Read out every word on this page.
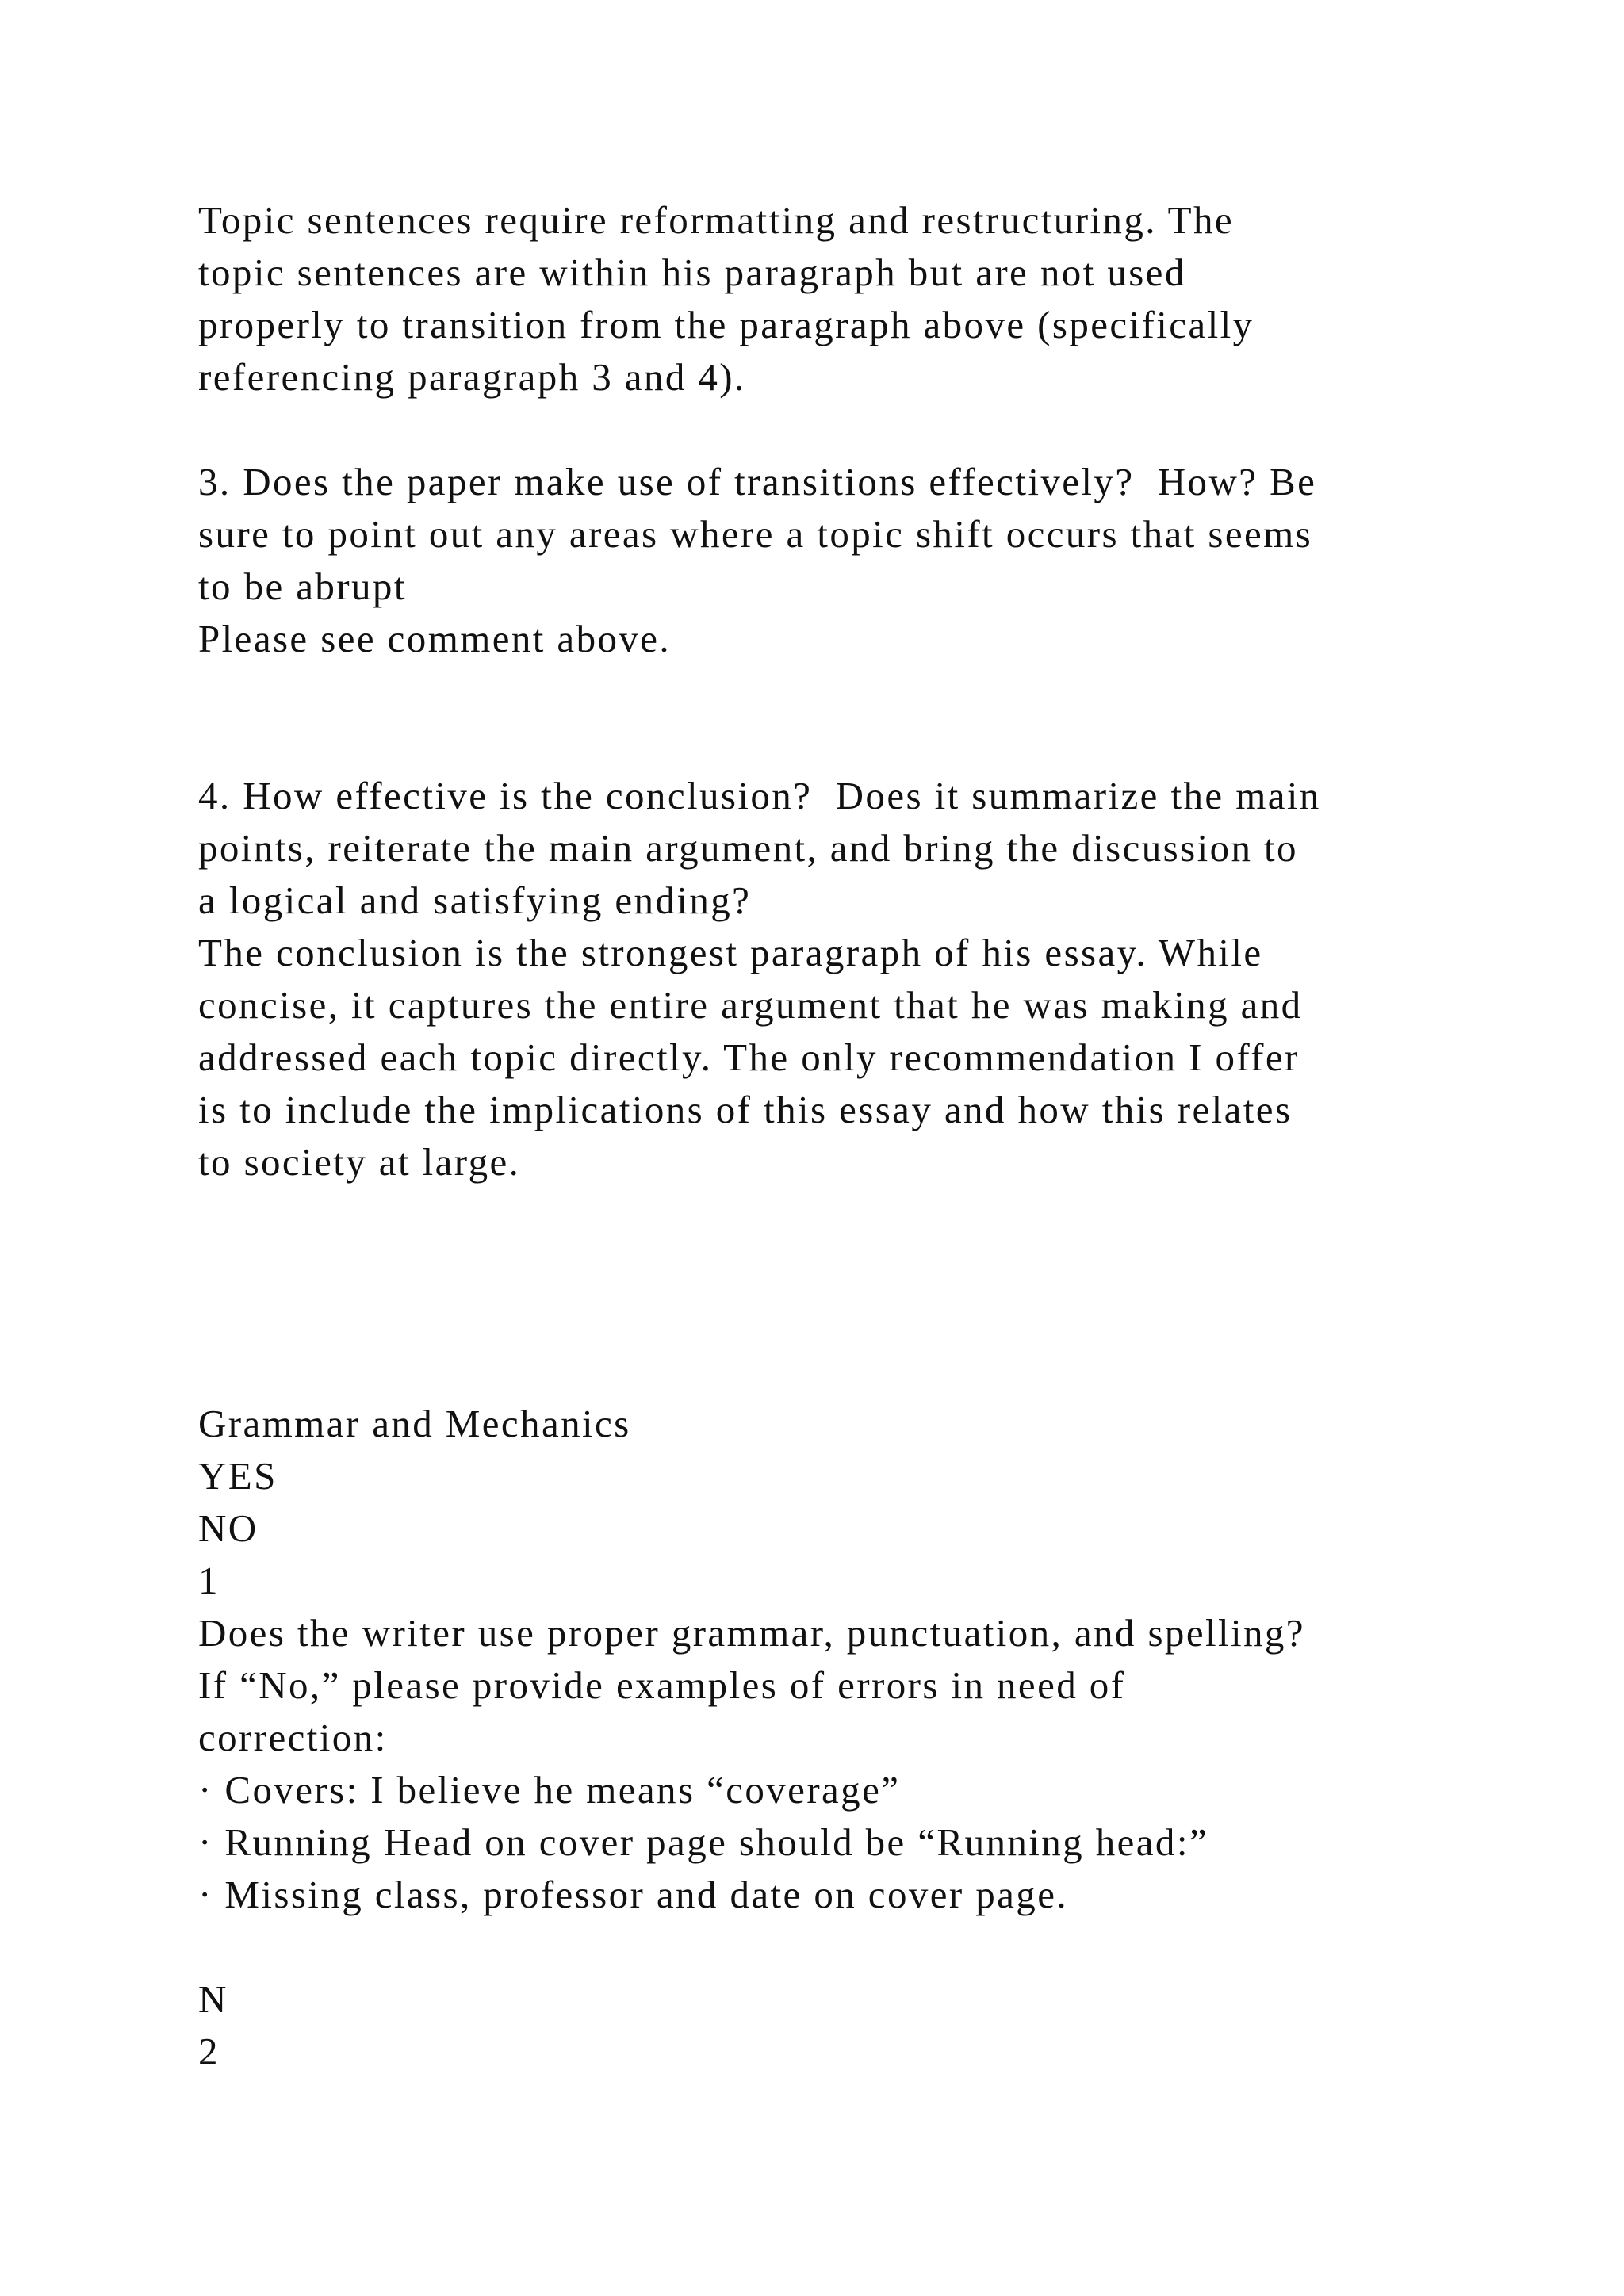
Topic sentences require reformatting and restructuring. The
topic sentences are within his paragraph but are not used
properly to transition from the paragraph above (specifically
referencing paragraph 3 and 4).
3. Does the paper make use of transitions effectively?  How? Be
sure to point out any areas where a topic shift occurs that seems
to be abrupt
Please see comment above.
4. How effective is the conclusion?  Does it summarize the main
points, reiterate the main argument, and bring the discussion to
a logical and satisfying ending?
The conclusion is the strongest paragraph of his essay. While
concise, it captures the entire argument that he was making and
addressed each topic directly. The only recommendation I offer
is to include the implications of this essay and how this relates
to society at large.
Grammar and Mechanics
YES
NO
1
Does the writer use proper grammar, punctuation, and spelling?
If “No,” please provide examples of errors in need of
correction:
· Covers: I believe he means “coverage”
· Running Head on cover page should be “Running head:”
· Missing class, professor and date on cover page.
N
2
